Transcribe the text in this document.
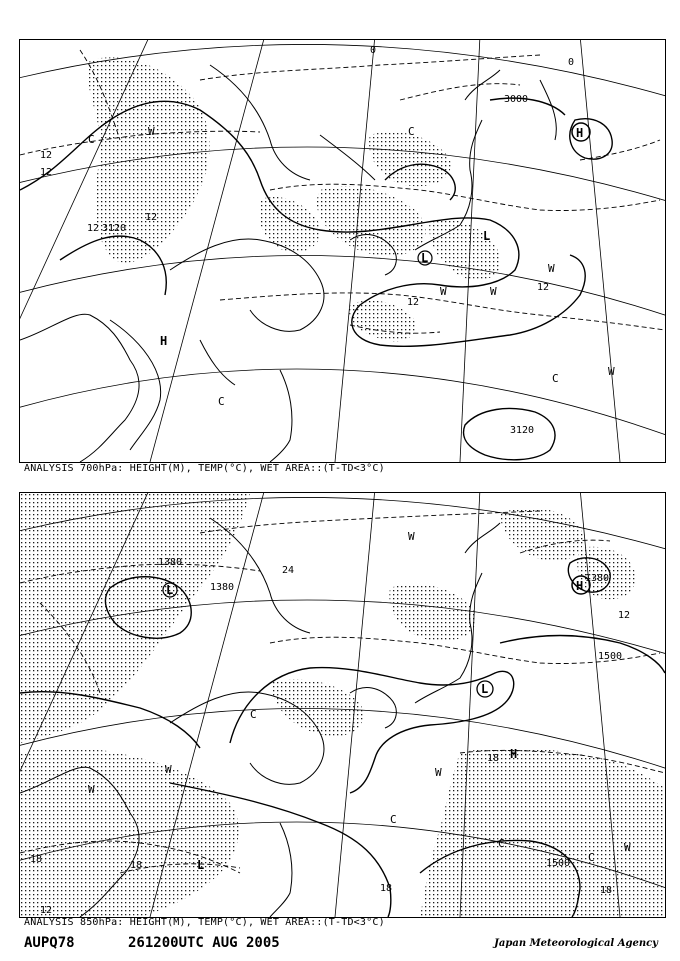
3000
3120
3120
12
12
12
12
12
12
0
0
H
L
H
L
C
C
C
C
W
W	W
W
W
ANALYSIS 700hPa: HEIGHT(M), TEMP(°C), WET AREA::(T-TD<3°C)
1380
1380
1380
1500
1500
18
18
18
18	18
24
12
12
H
L
L
L
H
C
C
C
C
W
W
W
W
W
ANALYSIS 850hPa: HEIGHT(M), TEMP(°C), WET AREA::(T-TD<3°C)
AUPQ78	261200UTC AUG 2005	Japan Meteorological Agency
